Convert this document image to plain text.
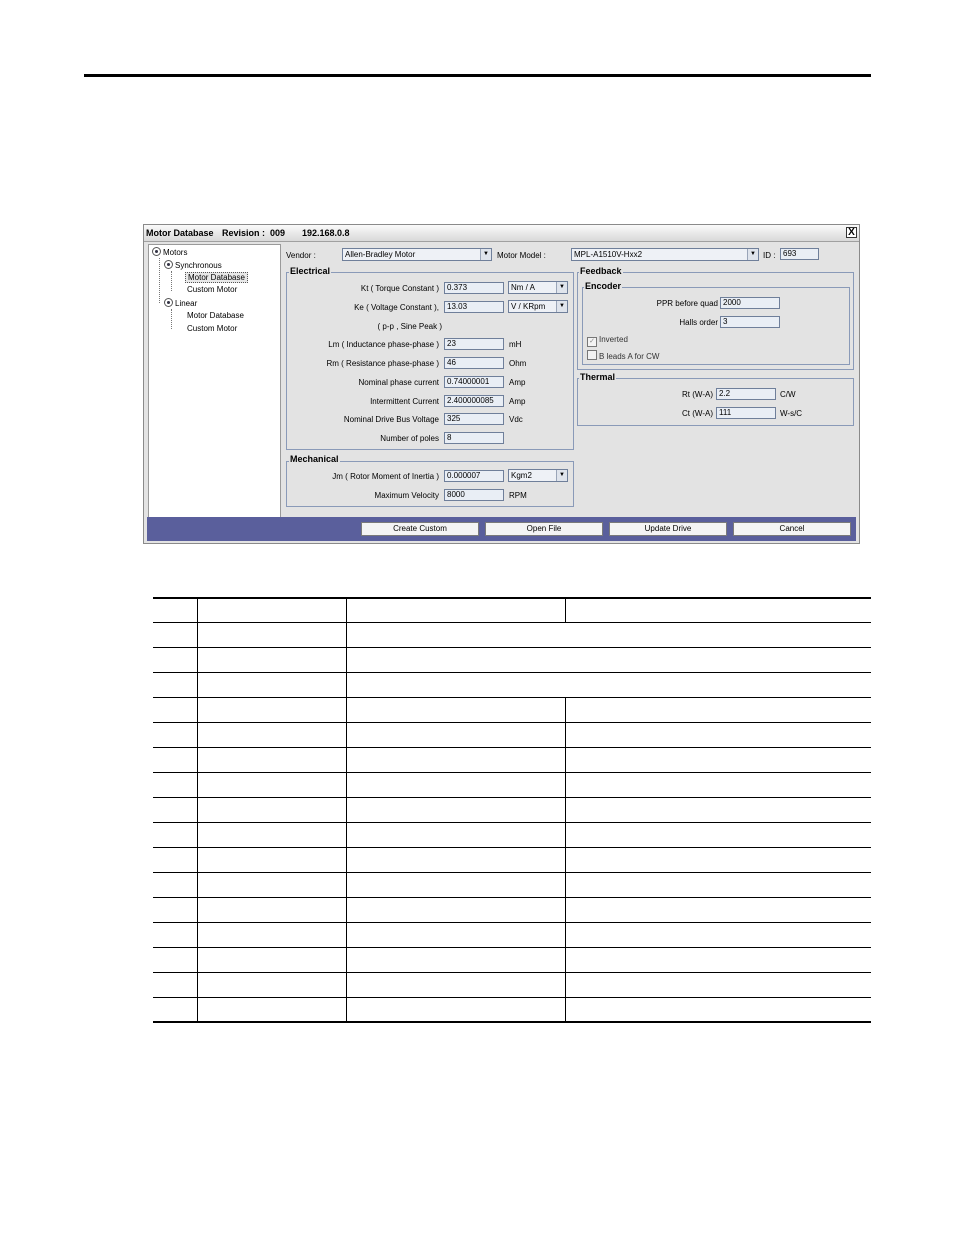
Motor Database Revision : 009 192.168.0.8	X
Motors
Synchronous
Motor Database
Custom Motor
Linear
Motor Database
Custom Motor
Vendor :	Allen-Bradley Motor	▼ Motor Model :	MPL-A1510V-Hxx2	▼ ID : 693
Electrical
Kt ( Torque Constant )	0.373	Nm / A	▼
Ke ( Voltage Constant ),	13.03	V / KRpm	▼
( p-p , Sine Peak )
Lm ( Inductance phase-phase )	23	mH
Rm ( Resistance phase-phase )	46	Ohm
Nominal phase current	0.74000001	Amp
Intermittent Current	2.400000085	Amp
Nominal Drive Bus Voltage	325	Vdc
Number of poles	8
Mechanical
Jm ( Rotor Moment of Inertia )	0.000007	Kgm2	▼
Maximum Velocity	8000	RPM
Feedback
Encoder
PPR before quad 2000
Halls order 3
✓ Inverted
B leads A for CW
Thermal
Rt (W-A) 2.2	C/W
Ct (W-A) 111	W-s/C
Create Custom	Open File	Update Drive	Cancel
